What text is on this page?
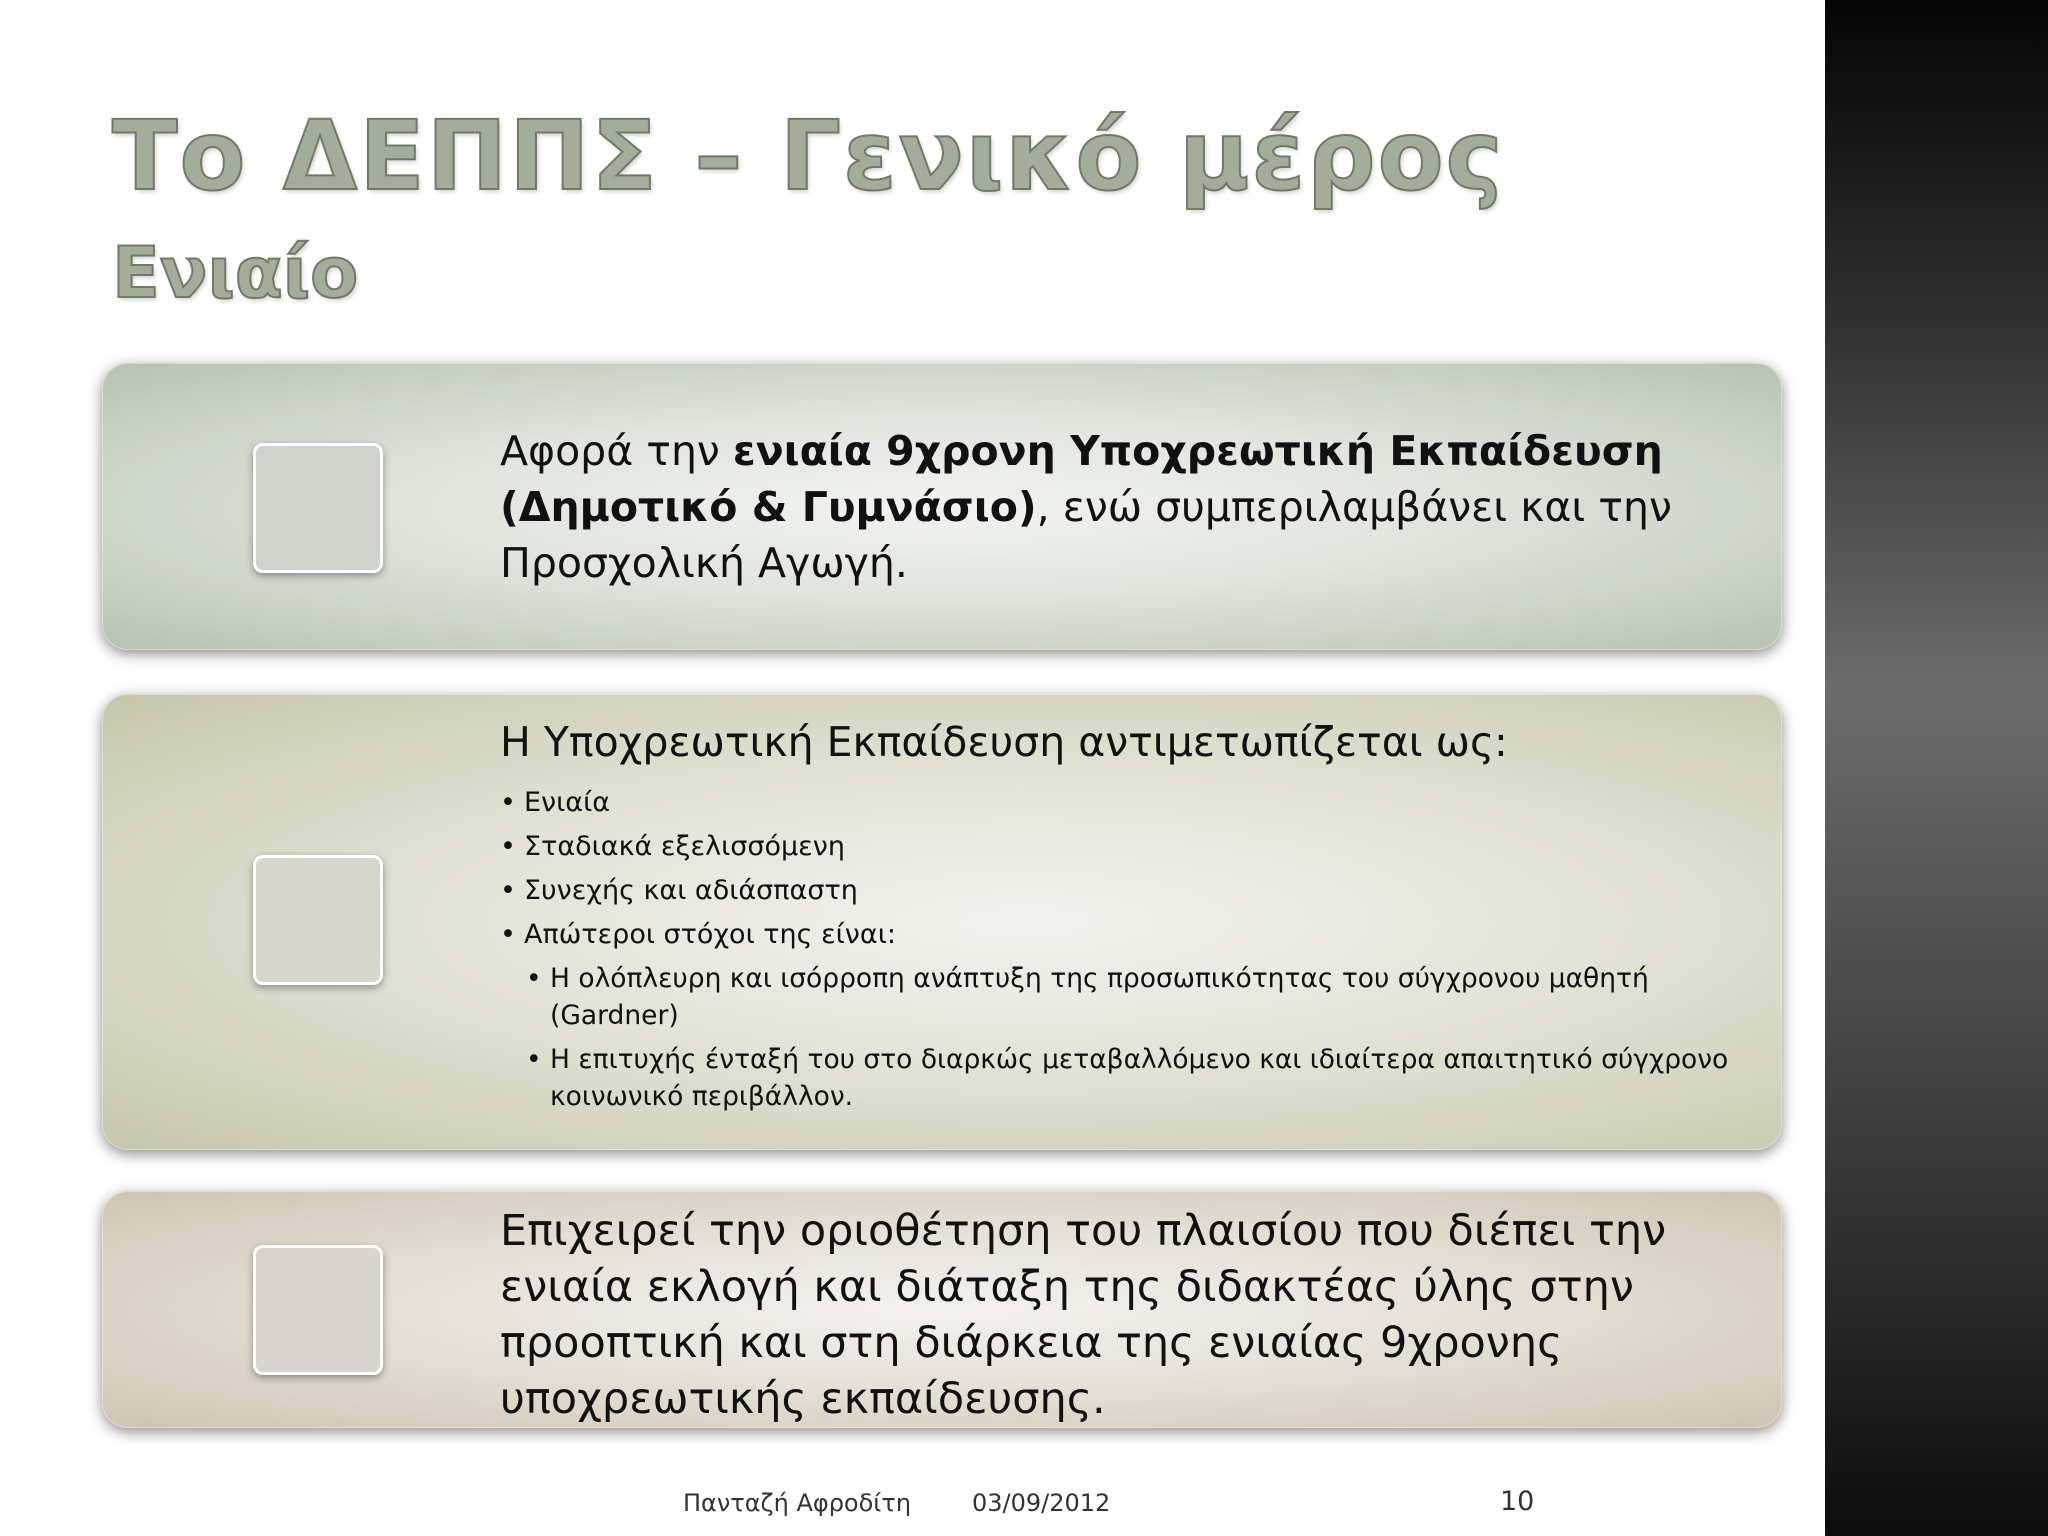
Το ΔΕΠΠΣ – Γενικό μέρος
Ενιαίο
Αφορά την ενιαία 9χρονη Υποχρεωτική Εκπαίδευση (Δημοτικό & Γυμνάσιο), ενώ συμπεριλαμβάνει και την Προσχολική Αγωγή.
Η Υποχρεωτική Εκπαίδευση αντιμετωπίζεται ως:
• Ενιαία
• Σταδιακά εξελισσόμενη
• Συνεχής και αδιάσπαστη
• Απώτεροι στόχοι της είναι:
• Η ολόπλευρη και ισόρροπη ανάπτυξη της προσωπικότητας του σύγχρονου μαθητή (Gardner)
• Η επιτυχής ένταξή του στο διαρκώς μεταβαλλόμενο και ιδιαίτερα απαιτητικό σύγχρονο κοινωνικό περιβάλλον.
Επιχειρεί την οριοθέτηση του πλαισίου που διέπει την ενιαία εκλογή και διάταξη της διδακτέας ύλης στην προοπτική και στη διάρκεια της ενιαίας 9χρονης υποχρεωτικής εκπαίδευσης.
Πανταζή Αφροδίτη	03/09/2012	10
